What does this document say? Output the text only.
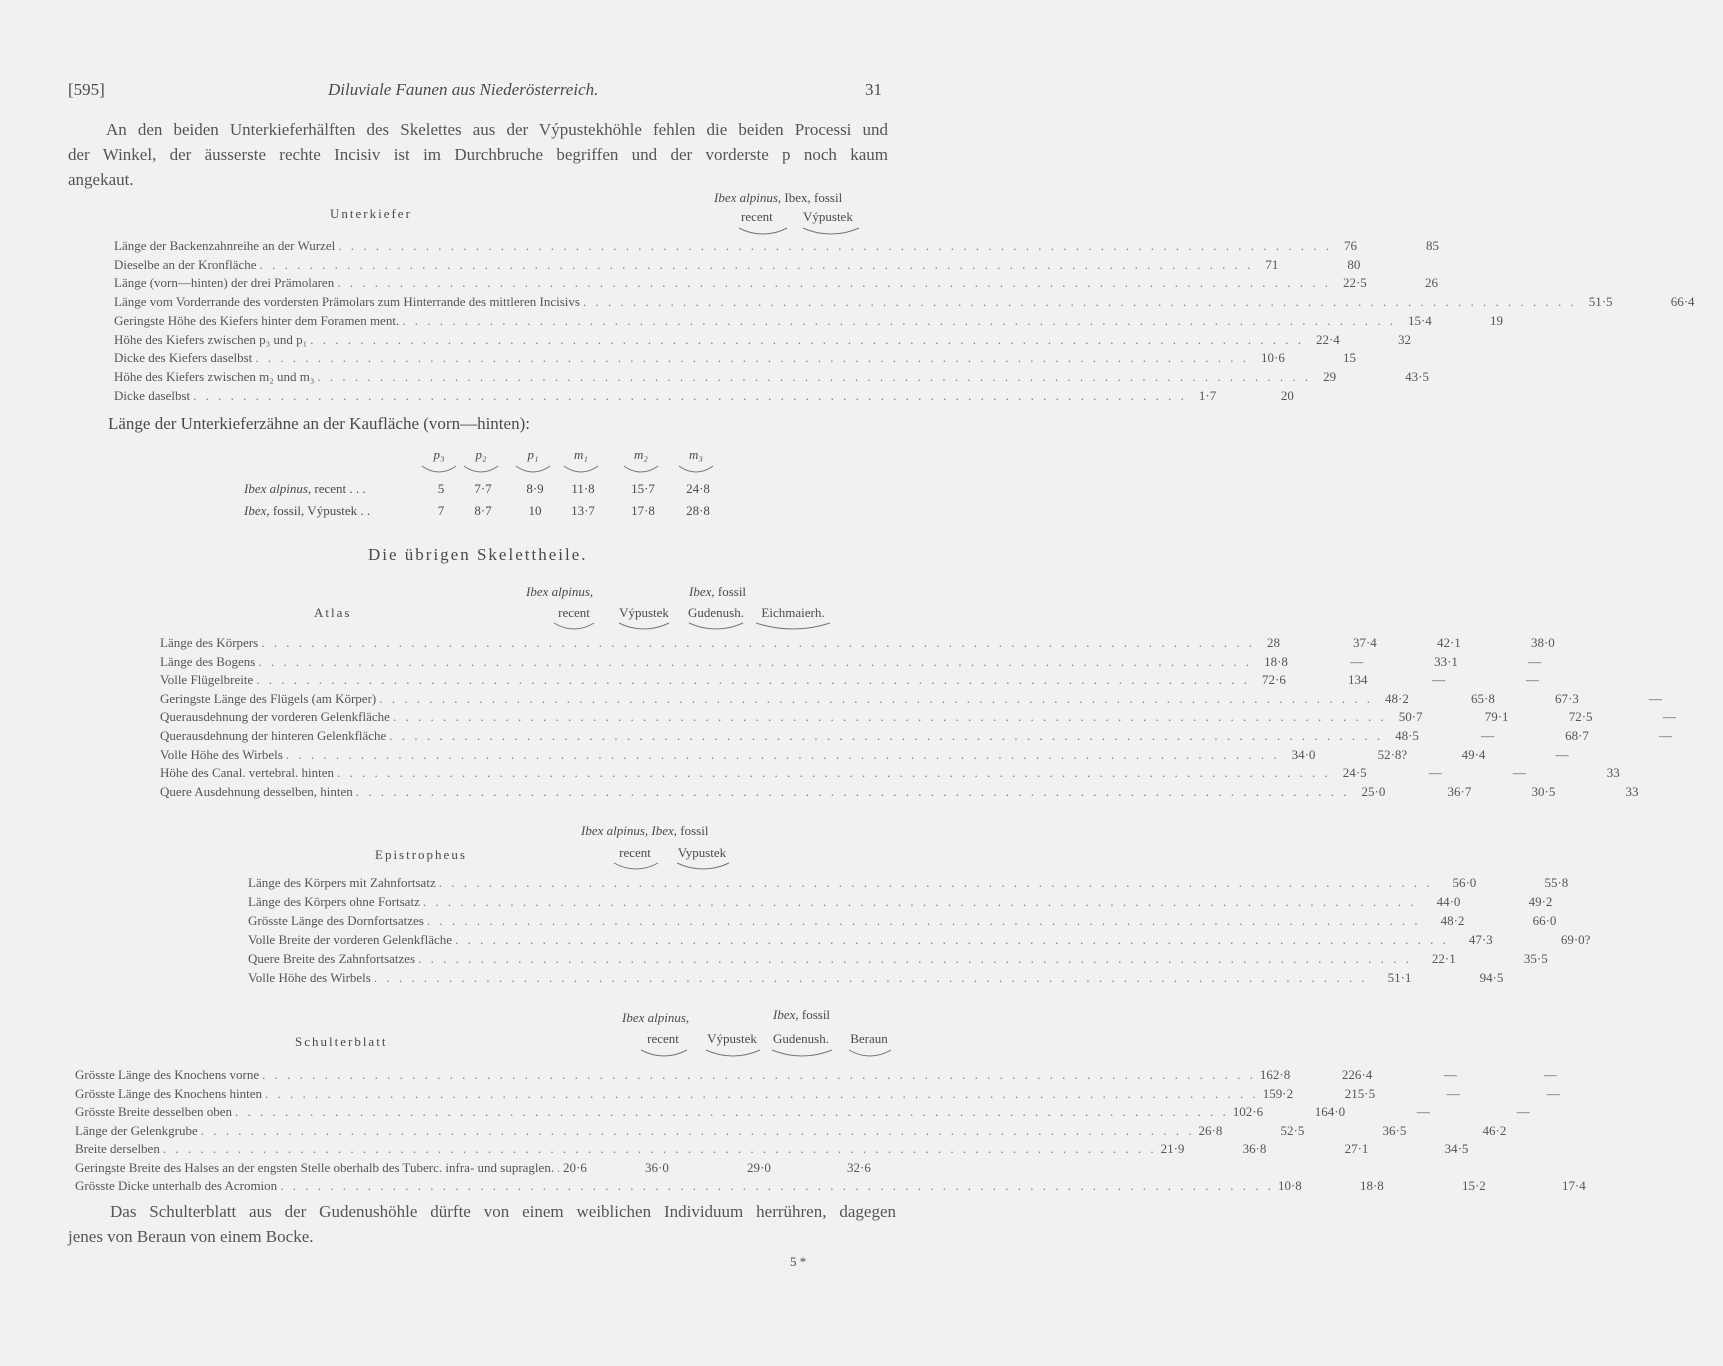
[595]	Diluviale Faunen aus Niederösterreich.	31

An den beiden Unterkieferhälften des Skelettes aus der Výpustekhöhle fehlen die beiden Processi und

der Winkel, der äusserste rechte Incisiv ist im Durchbruche begriffen und der vorderste p noch kaum

angekaut.

Unterkiefer
Ibex alpinus, Ibex, fossil
recent Výpustek
Länge der Backenzahnreihe an der Wurzel . . . . . . . . . . . . . . . . . . . . . . . . . . . . . . . . . . . . . . . . . . . . . . . . . . . . . . . . . . . . . . . . . . . . . . . . . . . . . . . . 76	85
Dieselbe an der Kronfläche . . . . . . . . . . . . . . . . . . . . . . . . . . . . . . . . . . . . . . . . . . . . . . . . . . . . . . . . . . . . . . . . . . . . . . . . . . . . . . . . 71	80
Länge (vorn—hinten) der drei Prämolaren . . . . . . . . . . . . . . . . . . . . . . . . . . . . . . . . . . . . . . . . . . . . . . . . . . . . . . . . . . . . . . . . . . . . . . . . . . . . . . . . 22·5	26
Länge vom Vorderrande des vordersten Prämolars zum Hinterrande des mittleren Incisivs . . . . . . . . . . . . . . . . . . . . . . . . . . . . . . . . . . . . . . . . . . . . . . . . . . . . . . . . . . . . . . . . . . . . . . . . . . . . . . . . 51·5	66·4
Geringste Höhe des Kiefers hinter dem Foramen ment. . . . . . . . . . . . . . . . . . . . . . . . . . . . . . . . . . . . . . . . . . . . . . . . . . . . . . . . . . . . . . . . . . . . . . . . . . . . . . . . . 15·4	19
Höhe des Kiefers zwischen p₃ und p₁ . . . . . . . . . . . . . . . . . . . . . . . . . . . . . . . . . . . . . . . . . . . . . . . . . . . . . . . . . . . . . . . . . . . . . . . . . . . . . . . . 22·4	32
Dicke des Kiefers daselbst . . . . . . . . . . . . . . . . . . . . . . . . . . . . . . . . . . . . . . . . . . . . . . . . . . . . . . . . . . . . . . . . . . . . . . . . . . . . . . . . 10·6	15
Höhe des Kiefers zwischen m₂ und m₃ . . . . . . . . . . . . . . . . . . . . . . . . . . . . . . . . . . . . . . . . . . . . . . . . . . . . . . . . . . . . . . . . . . . . . . . . . . . . . . . . 29	43·5
Dicke daselbst . . . . . . . . . . . . . . . . . . . . . . . . . . . . . . . . . . . . . . . . . . . . . . . . . . . . . . . . . . . . . . . . . . . . . . . . . . . . . . . . 1·7	20
Länge der Unterkieferzähne an der Kaufläche (vorn—hinten):
p₃	p₂	p₁	m₁	m₂	m₃
Ibex alpinus, recent . . .	5	7·7	8·9	11·8	15·7	24·8
Ibex, fossil, Výpustek . .	7	8·7	10	13·7	17·8	28·8
Die übrigen Skelettheile.
Atlas
Ibex alpinus,	Ibex, fossil
recent	Výpustek	Gudenush.	Eichmaierh.
Länge des Körpers . . . . . . . . . . . . . . . . . . . . . . . . . . . . . . . . . . . . . . . . . . . . . . . . . . . . . . . . . . . . . . . . . . . . . . . . . . . . . . . . 28	37·4	42·1	38·0
Länge des Bogens . . . . . . . . . . . . . . . . . . . . . . . . . . . . . . . . . . . . . . . . . . . . . . . . . . . . . . . . . . . . . . . . . . . . . . . . . . . . . . . . 18·8	—	33·1	—
Volle Flügelbreite . . . . . . . . . . . . . . . . . . . . . . . . . . . . . . . . . . . . . . . . . . . . . . . . . . . . . . . . . . . . . . . . . . . . . . . . . . . . . . . . 72·6	134	—	—
Geringste Länge des Flügels (am Körper) . . . . . . . . . . . . . . . . . . . . . . . . . . . . . . . . . . . . . . . . . . . . . . . . . . . . . . . . . . . . . . . . . . . . . . . . . . . . . . . . 48·2	65·8	67·3	—
Querausdehnung der vorderen Gelenkfläche . . . . . . . . . . . . . . . . . . . . . . . . . . . . . . . . . . . . . . . . . . . . . . . . . . . . . . . . . . . . . . . . . . . . . . . . . . . . . . . . 50·7	79·1	72·5	—
Querausdehnung der hinteren Gelenkfläche . . . . . . . . . . . . . . . . . . . . . . . . . . . . . . . . . . . . . . . . . . . . . . . . . . . . . . . . . . . . . . . . . . . . . . . . . . . . . . . . 48·5	—	68·7	—
Volle Höhe des Wirbels . . . . . . . . . . . . . . . . . . . . . . . . . . . . . . . . . . . . . . . . . . . . . . . . . . . . . . . . . . . . . . . . . . . . . . . . . . . . . . . . 34·0	52·8?	49·4	—
Höhe des Canal. vertebral. hinten . . . . . . . . . . . . . . . . . . . . . . . . . . . . . . . . . . . . . . . . . . . . . . . . . . . . . . . . . . . . . . . . . . . . . . . . . . . . . . . . 24·5	—	—	33
Quere Ausdehnung desselben, hinten . . . . . . . . . . . . . . . . . . . . . . . . . . . . . . . . . . . . . . . . . . . . . . . . . . . . . . . . . . . . . . . . . . . . . . . . . . . . . . . . 25·0	36·7	30·5	33
Epistropheus
Ibex alpinus, Ibex, fossil
recent	Vypustek
Länge des Körpers mit Zahnfortsatz . . . . . . . . . . . . . . . . . . . . . . . . . . . . . . . . . . . . . . . . . . . . . . . . . . . . . . . . . . . . . . . . . . . . . . . . . . . . . . . .	56·0	55·8
Länge des Körpers ohne Fortsatz . . . . . . . . . . . . . . . . . . . . . . . . . . . . . . . . . . . . . . . . . . . . . . . . . . . . . . . . . . . . . . . . . . . . . . . . . . . . . . . .	44·0	49·2
Grösste Länge des Dornfortsatzes . . . . . . . . . . . . . . . . . . . . . . . . . . . . . . . . . . . . . . . . . . . . . . . . . . . . . . . . . . . . . . . . . . . . . . . . . . . . . . . .	48·2	66·0
Volle Breite der vorderen Gelenkfläche . . . . . . . . . . . . . . . . . . . . . . . . . . . . . . . . . . . . . . . . . . . . . . . . . . . . . . . . . . . . . . . . . . . . . . . . . . . . . . . .	47·3	69·0?
Quere Breite des Zahnfortsatzes . . . . . . . . . . . . . . . . . . . . . . . . . . . . . . . . . . . . . . . . . . . . . . . . . . . . . . . . . . . . . . . . . . . . . . . . . . . . . . . .	22·1	35·5
Volle Höhe des Wirbels . . . . . . . . . . . . . . . . . . . . . . . . . . . . . . . . . . . . . . . . . . . . . . . . . . . . . . . . . . . . . . . . . . . . . . . . . . . . . . . .	51·1	94·5
Schulterblatt
Ibex alpinus,	Ibex, fossil
recent	Výpustek	Gudenush.	Beraun
Grösste Länge des Knochens vorne . . . . . . . . . . . . . . . . . . . . . . . . . . . . . . . . . . . . . . . . . . . . . . . . . . . . . . . . . . . . . . . . . . . . . . . . . . . . . . . . 162·8	226·4	—	—
Grösste Länge des Knochens hinten . . . . . . . . . . . . . . . . . . . . . . . . . . . . . . . . . . . . . . . . . . . . . . . . . . . . . . . . . . . . . . . . . . . . . . . . . . . . . . . . 159·2	215·5	—	—
Grösste Breite desselben oben . . . . . . . . . . . . . . . . . . . . . . . . . . . . . . . . . . . . . . . . . . . . . . . . . . . . . . . . . . . . . . . . . . . . . . . . . . . . . . . . 102·6	164·0	—	—
Länge der Gelenkgrube . . . . . . . . . . . . . . . . . . . . . . . . . . . . . . . . . . . . . . . . . . . . . . . . . . . . . . . . . . . . . . . . . . . . . . . . . . . . . . . . 26·8	52·5	36·5	46·2
Breite derselben . . . . . . . . . . . . . . . . . . . . . . . . . . . . . . . . . . . . . . . . . . . . . . . . . . . . . . . . . . . . . . . . . . . . . . . . . . . . . . . . 21·9	36·8	27·1	34·5
Geringste Breite des Halses an der engsten Stelle oberhalb des Tuberc. infra- und supraglen. 20·6	36·0	29·0	32·6
Grösste Dicke unterhalb des Acromion . . . . . . . . . . . . . . . . . . . . . . . . . . . . . . . . . . . . . . . . . . . . . . . . . . . . . . . . . . . . . . . . . . . . . . . . . . . . . . . . 10·8	18·8	15·2	17·4

Das Schulterblatt aus der Gudenushöhle dürfte von einem weiblichen Individuum herrühren, dagegen

jenes von Beraun von einem Bocke.

5 *
